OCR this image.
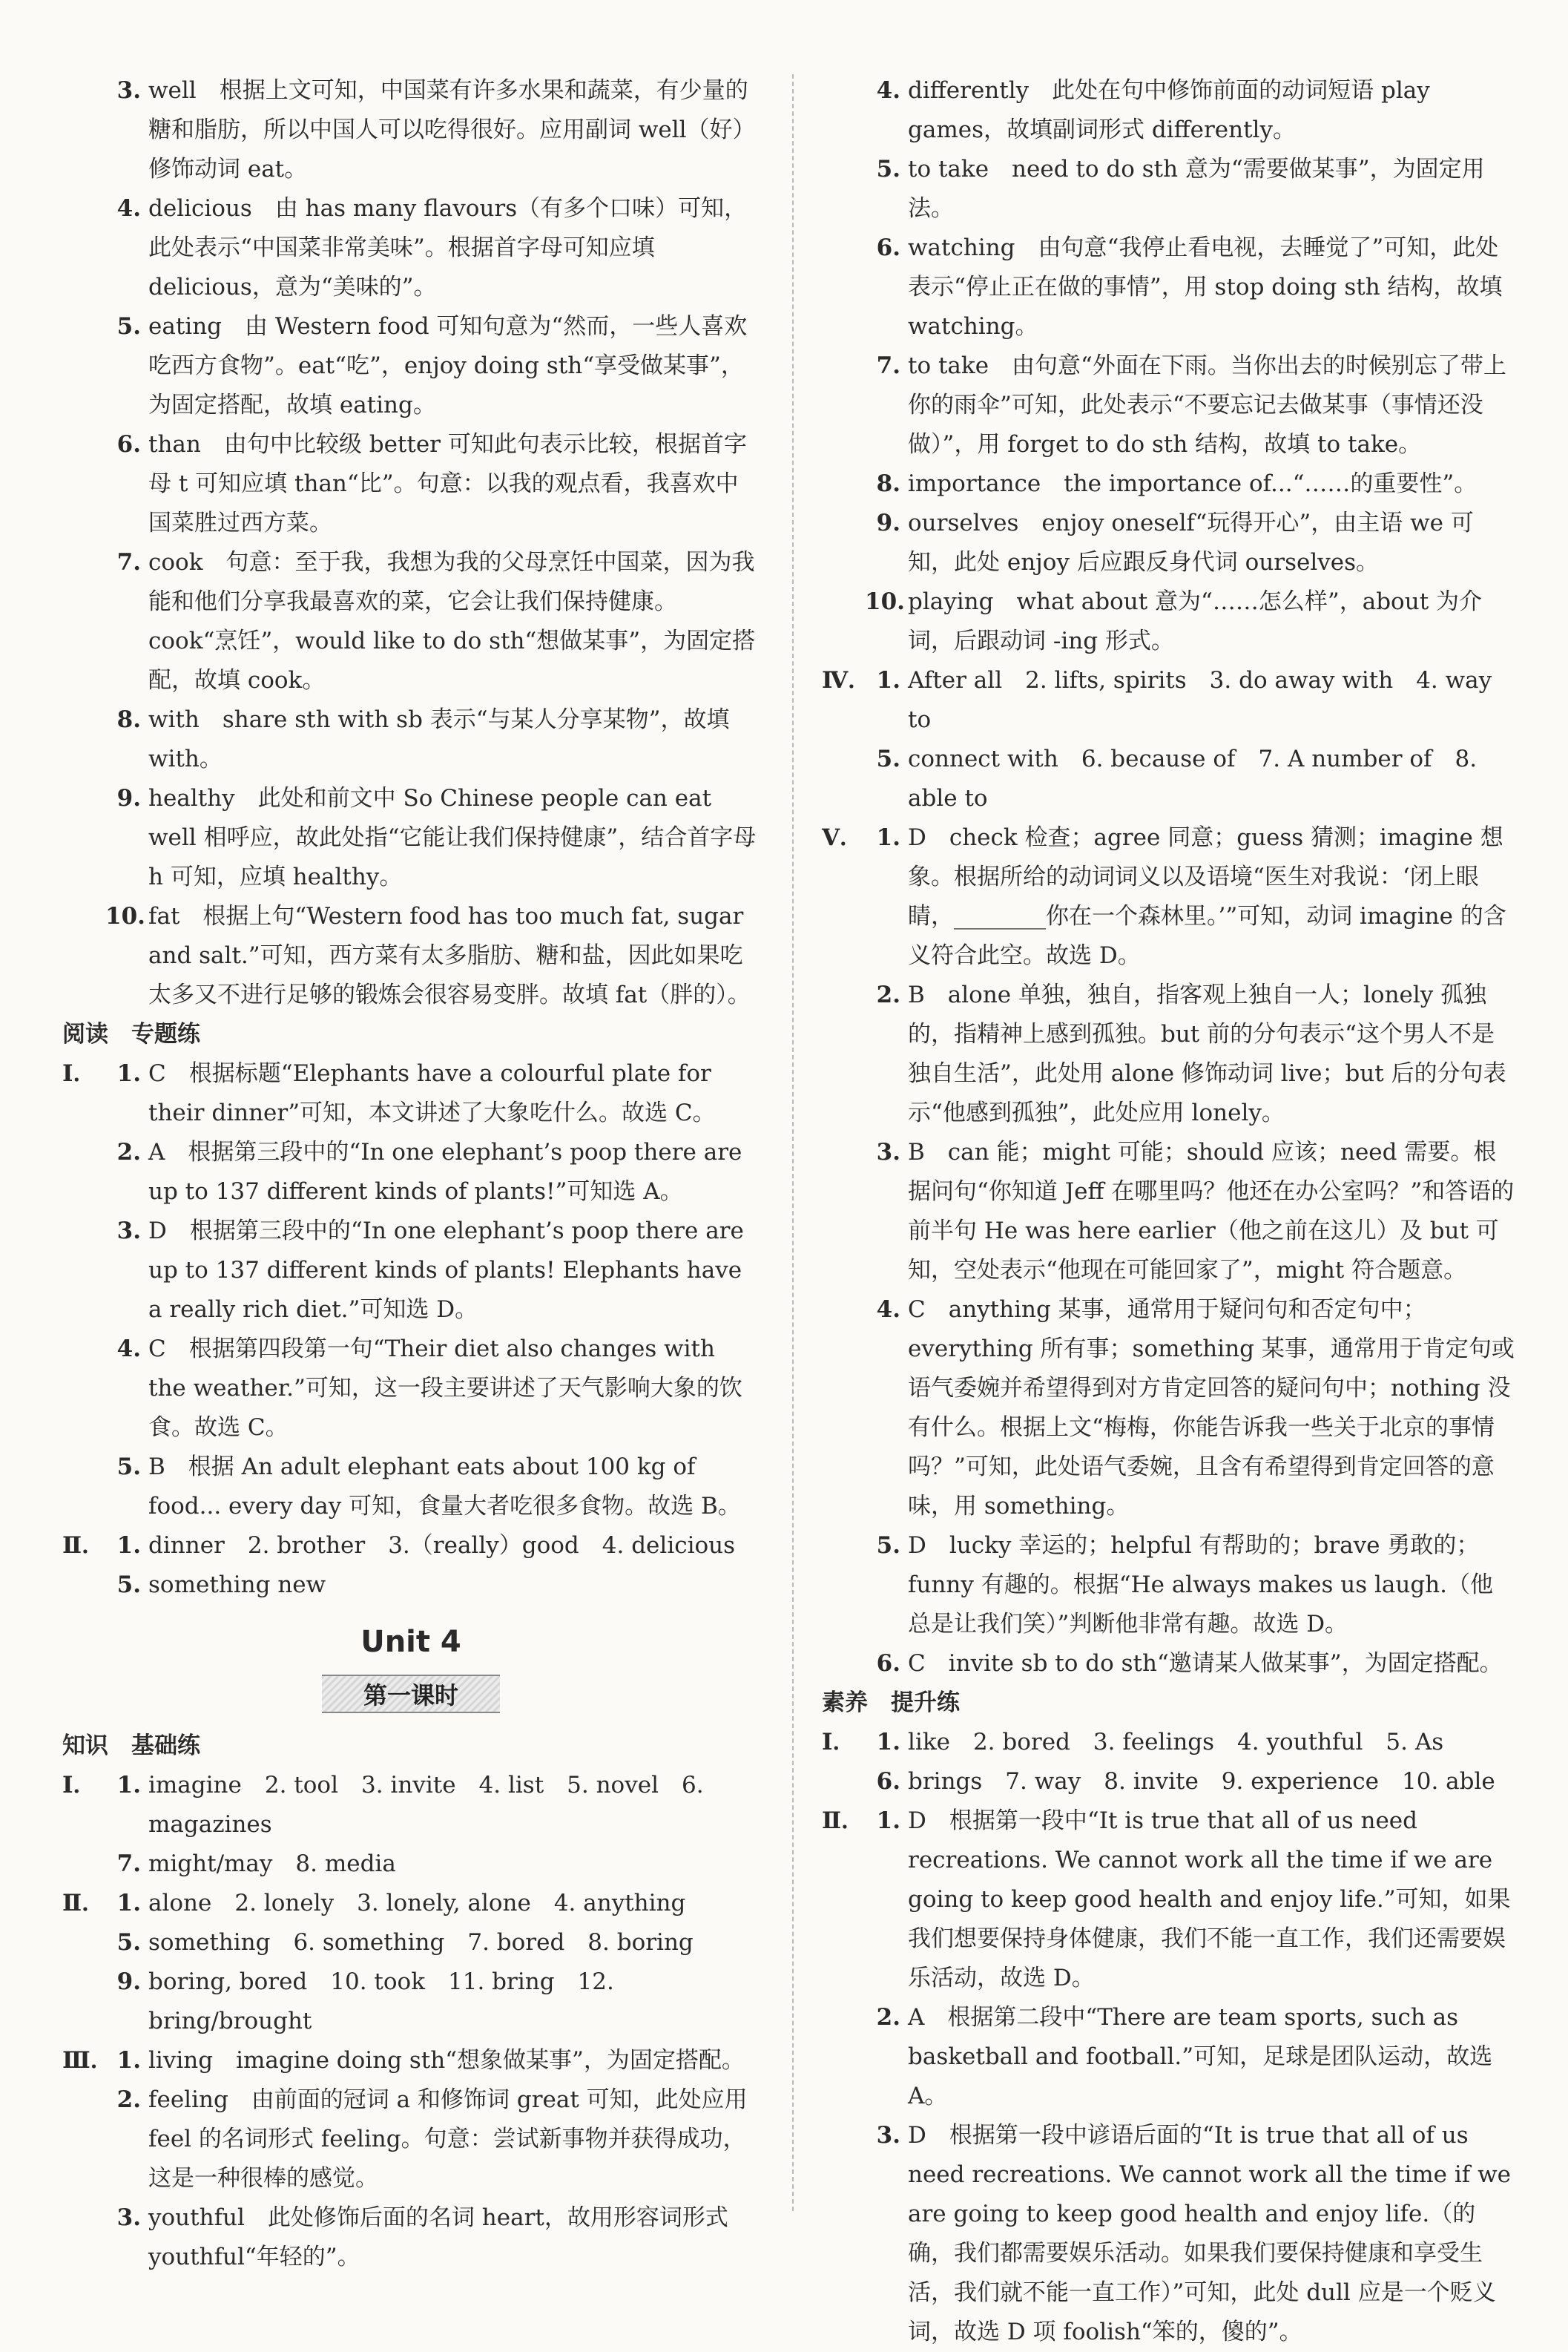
3. well　根据上文可知，中国菜有许多水果和蔬菜，有少量的糖和脂肪，所以中国人可以吃得很好。应用副词 well（好）修饰动词 eat。
4. delicious　由 has many flavours（有多个口味）可知，此处表示“中国菜非常美味”。根据首字母可知应填 delicious，意为“美味的”。
5. eating　由 Western food 可知句意为“然而，一些人喜欢吃西方食物”。eat“吃”，enjoy doing sth“享受做某事”，为固定搭配，故填 eating。
6. than　由句中比较级 better 可知此句表示比较，根据首字母 t 可知应填 than“比”。句意：以我的观点看，我喜欢中国菜胜过西方菜。
7. cook　句意：至于我，我想为我的父母烹饪中国菜，因为我能和他们分享我最喜欢的菜，它会让我们保持健康。cook“烹饪”，would like to do sth“想做某事”，为固定搭配，故填 cook。
8. with　share sth with sb 表示“与某人分享某物”，故填 with。
9. healthy　此处和前文中 So Chinese people can eat well 相呼应，故此处指“它能让我们保持健康”，结合首字母 h 可知，应填 healthy。
10. fat　根据上句“Western food has too much fat, sugar and salt.”可知，西方菜有太多脂肪、糖和盐，因此如果吃太多又不进行足够的锻炼会很容易变胖。故填 fat（胖的）。
阅读　专题练
Ⅰ． 1. C　根据标题“Elephants have a colourful plate for their dinner”可知，本文讲述了大象吃什么。故选 C。
2. A　根据第三段中的“In one elephant’s poop there are up to 137 different kinds of plants!”可知选 A。
3. D　根据第三段中的“In one elephant’s poop there are up to 137 different kinds of plants! Elephants have a really rich diet.”可知选 D。
4. C　根据第四段第一句“Their diet also changes with the weather.”可知，这一段主要讲述了天气影响大象的饮食。故选 C。
5. B　根据 An adult elephant eats about 100 kg of food... every day 可知，食量大者吃很多食物。故选 B。
Ⅱ． 1. dinner　2. brother　3.（really）good　4. delicious
5. something new
Unit 4
第一课时
知识　基础练
Ⅰ． 1. imagine　2. tool　3. invite　4. list　5. novel　6. magazines
7. might/may　8. media
Ⅱ． 1. alone　2. lonely　3. lonely, alone　4. anything
5. something　6. something　7. bored　8. boring
9. boring, bored　10. took　11. bring　12. bring/brought
Ⅲ． 1. living　imagine doing sth“想象做某事”，为固定搭配。
2. feeling　由前面的冠词 a 和修饰词 great 可知，此处应用 feel 的名词形式 feeling。句意：尝试新事物并获得成功，这是一种很棒的感觉。
3. youthful　此处修饰后面的名词 heart，故用形容词形式 youthful“年轻的”。
4. differently　此处在句中修饰前面的动词短语 play games，故填副词形式 differently。
5. to take　need to do sth 意为“需要做某事”，为固定用法。
6. watching　由句意“我停止看电视，去睡觉了”可知，此处表示“停止正在做的事情”，用 stop doing sth 结构，故填 watching。
7. to take　由句意“外面在下雨。当你出去的时候别忘了带上你的雨伞”可知，此处表示“不要忘记去做某事（事情还没做）”，用 forget to do sth 结构，故填 to take。
8. importance　the importance of...“……的重要性”。
9. ourselves　enjoy oneself“玩得开心”，由主语 we 可知，此处 enjoy 后应跟反身代词 ourselves。
10. playing　what about 意为“……怎么样”，about 为介词，后跟动词 -ing 形式。
Ⅳ． 1. After all　2. lifts, spirits　3. do away with　4. way to
5. connect with　6. because of　7. A number of　8. able to
Ⅴ． 1. D　check 检查；agree 同意；guess 猜测；imagine 想象。根据所给的动词词义以及语境“医生对我说：‘闭上眼睛，________你在一个森林里。’”可知，动词 imagine 的含义符合此空。故选 D。
2. B　alone 单独，独自，指客观上独自一人；lonely 孤独的，指精神上感到孤独。but 前的分句表示“这个男人不是独自生活”，此处用 alone 修饰动词 live；but 后的分句表示“他感到孤独”，此处应用 lonely。
3. B　can 能；might 可能；should 应该；need 需要。根据问句“你知道 Jeff 在哪里吗？他还在办公室吗？”和答语的前半句 He was here earlier（他之前在这儿）及 but 可知，空处表示“他现在可能回家了”，might 符合题意。
4. C　anything 某事，通常用于疑问句和否定句中；everything 所有事；something 某事，通常用于肯定句或语气委婉并希望得到对方肯定回答的疑问句中；nothing 没有什么。根据上文“梅梅，你能告诉我一些关于北京的事情吗？”可知，此处语气委婉，且含有希望得到肯定回答的意味，用 something。
5. D　lucky 幸运的；helpful 有帮助的；brave 勇敢的；funny 有趣的。根据“He always makes us laugh.（他总是让我们笑）”判断他非常有趣。故选 D。
6. C　invite sb to do sth“邀请某人做某事”，为固定搭配。
素养　提升练
Ⅰ． 1. like　2. bored　3. feelings　4. youthful　5. As
6. brings　7. way　8. invite　9. experience　10. able
Ⅱ． 1. D　根据第一段中“It is true that all of us need recreations. We cannot work all the time if we are going to keep good health and enjoy life.”可知，如果我们想要保持身体健康，我们不能一直工作，我们还需要娱乐活动，故选 D。
2. A　根据第二段中“There are team sports, such as basketball and football.”可知，足球是团队运动，故选 A。
3. D　根据第一段中谚语后面的“It is true that all of us need recreations. We cannot work all the time if we are going to keep good health and enjoy life.（的确，我们都需要娱乐活动。如果我们要保持健康和享受生活，我们就不能一直工作）”可知，此处 dull 应是一个贬义词，故选 D 项 foolish“笨的，傻的”。
